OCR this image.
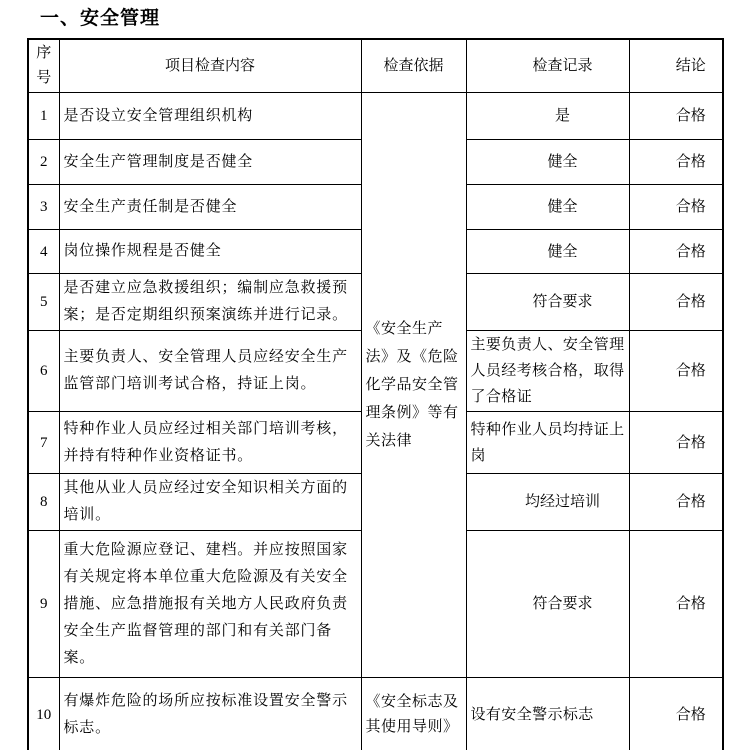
一、安全管理
序号	项目检查内容	检查依据	检查记录	结论
1	是否设立安全管理组织机构	《安全生产法》及《危险化学品安全管理条例》等有关法律	是	合格
2	安全生产管理制度是否健全		健全	合格
3	安全生产责任制是否健全		健全	合格
4	岗位操作规程是否健全		健全	合格
5	是否建立应急救援组织；编制应急救援预案；是否定期组织预案演练并进行记录。		符合要求	合格
6	主要负责人、安全管理人员应经安全生产监管部门培训考试合格，持证上岗。		主要负责人、安全管理人员经考核合格，取得了合格证	合格
7	特种作业人员应经过相关部门培训考核，并持有特种作业资格证书。		特种作业人员均持证上岗	合格
8	其他从业人员应经过安全知识相关方面的培训。		均经过培训	合格
9	重大危险源应登记、建档。并应按照国家有关规定将本单位重大危险源及有关安全措施、应急措施报有关地方人民政府负责安全生产监督管理的部门和有关部门备案。		符合要求	合格
10	有爆炸危险的场所应按标准设置安全警示标志。	《安全标志及其使用导则》	设有安全警示标志	合格
